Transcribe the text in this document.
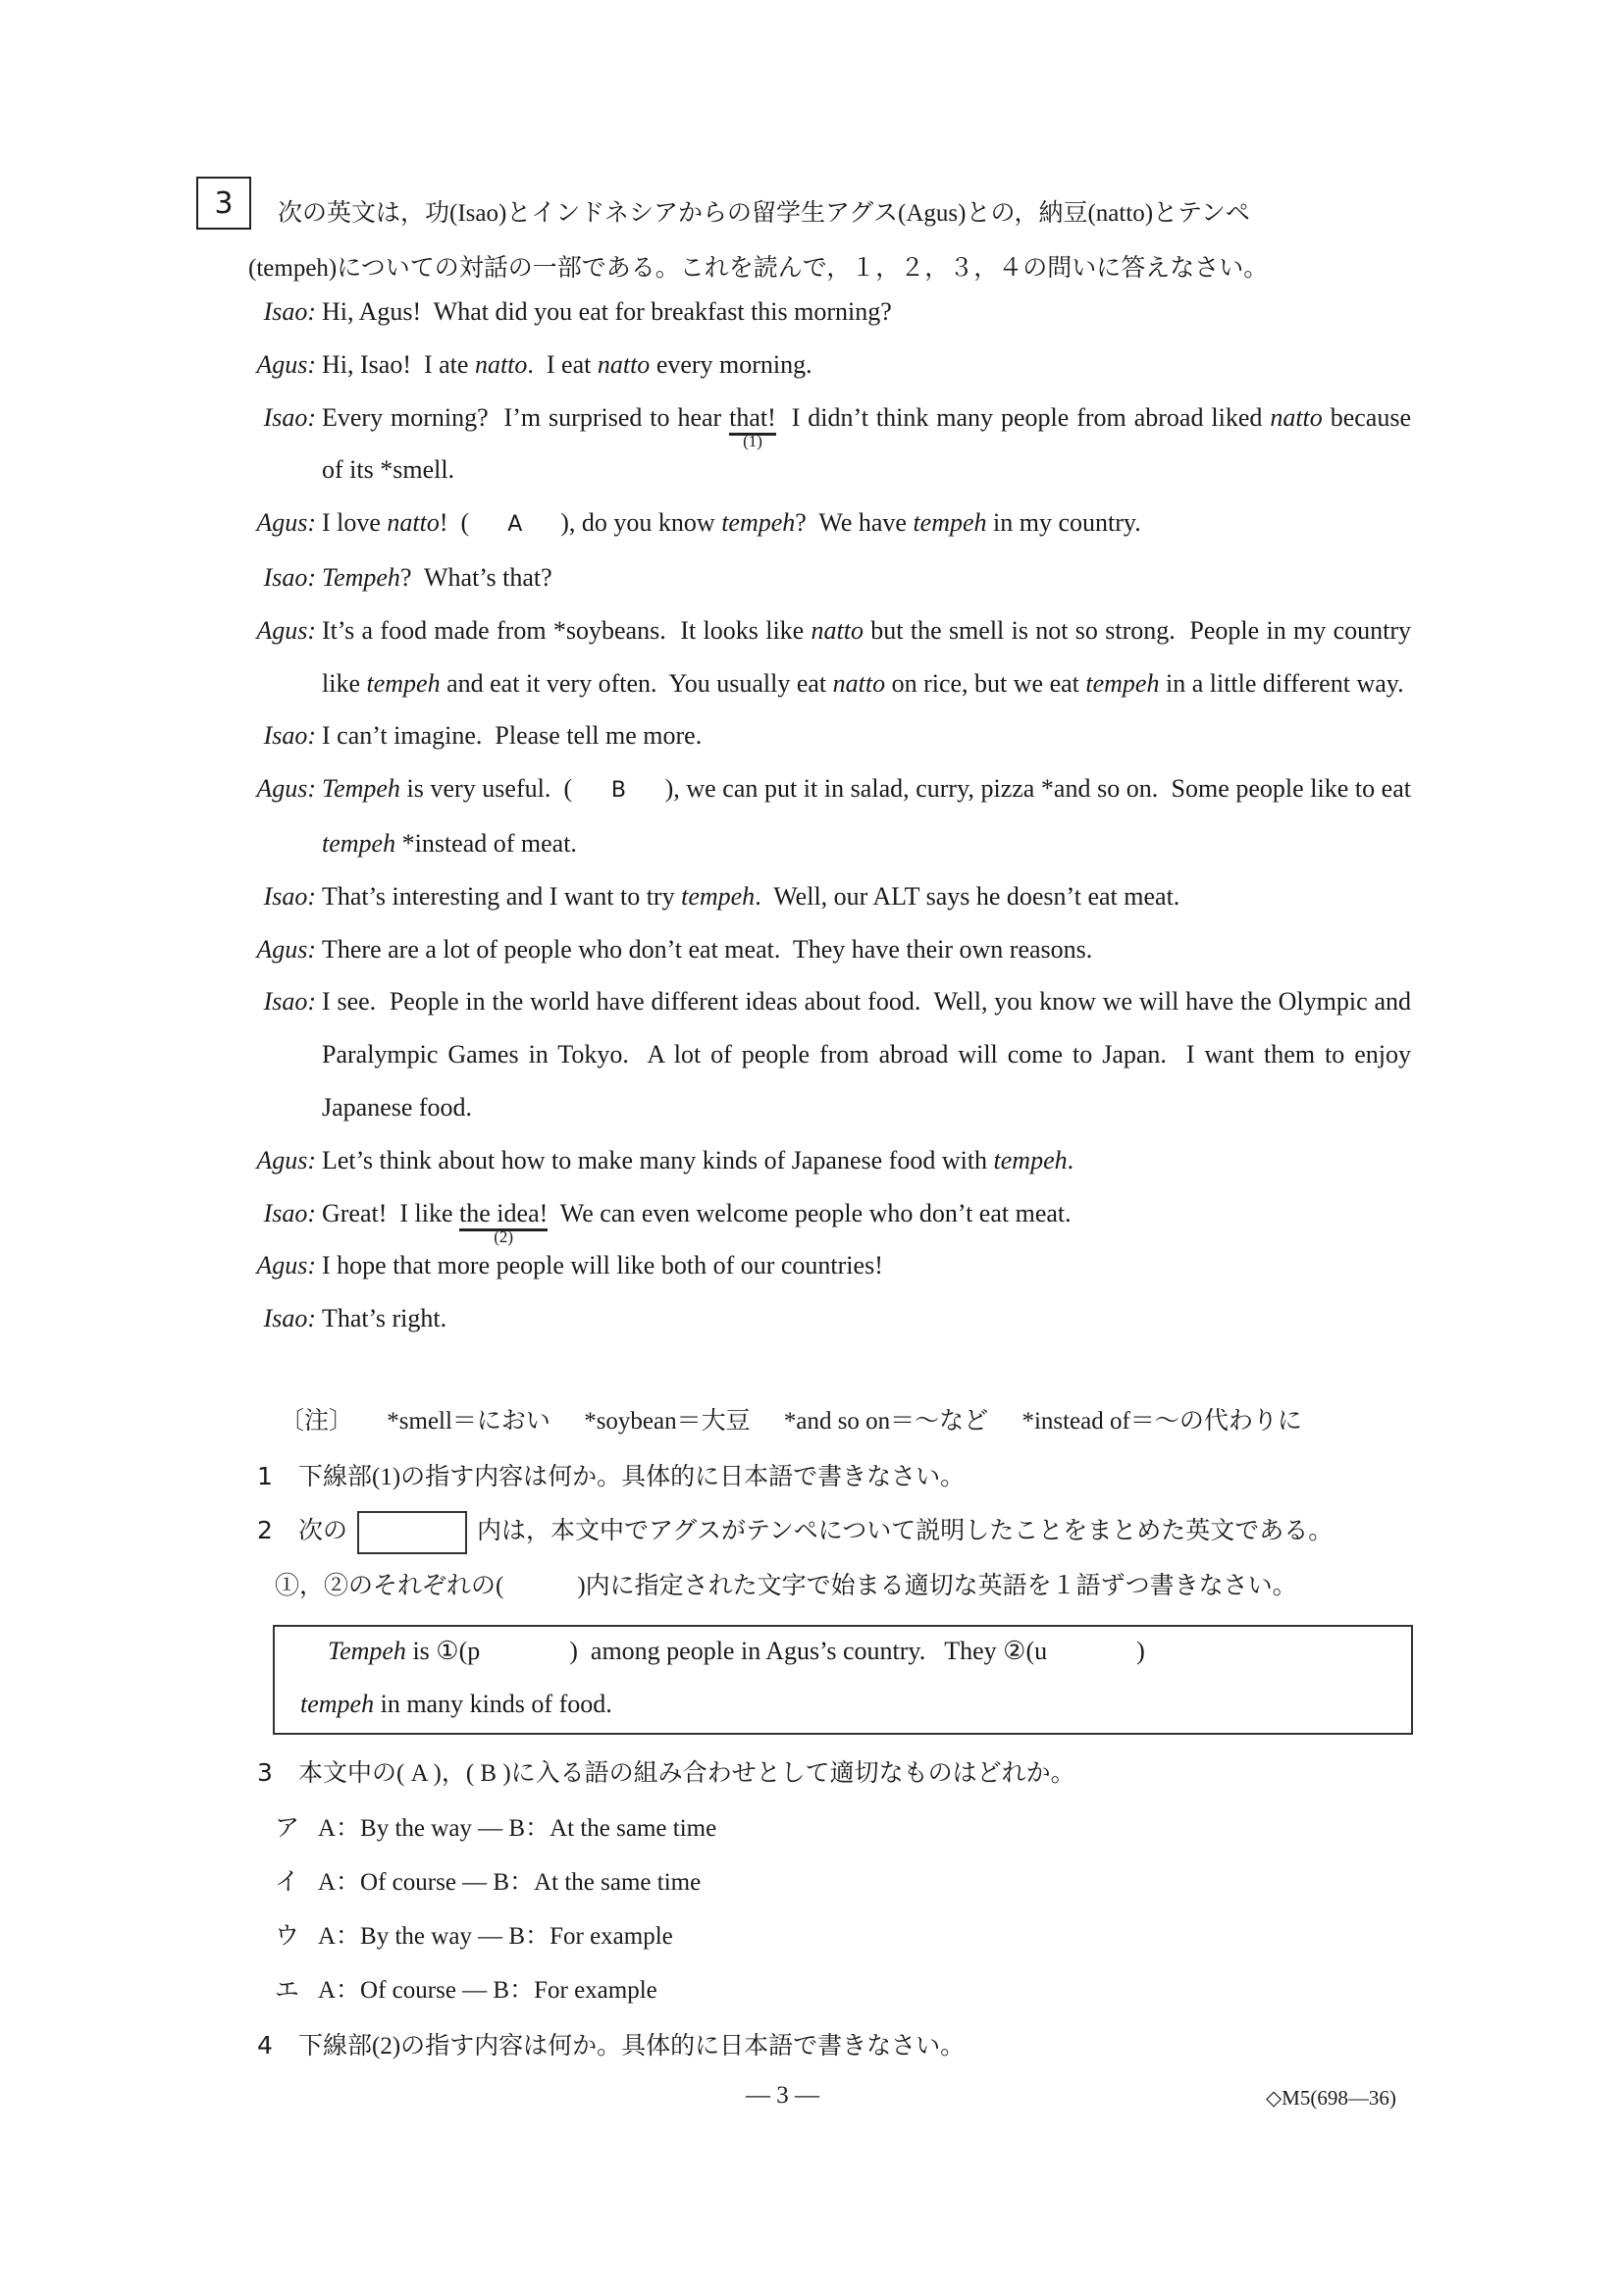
3	次の英文は，功(Isao)とインドネシアからの留学生アグス(Agus)との，納豆(natto)とテンペ
(tempeh)についての対話の一部である。これを読んで，１，２，３，４の問いに答えなさい。
Isao: Hi, Agus!  What did you eat for breakfast this morning?
Agus: Hi, Isao!  I ate natto.  I eat natto every morning.
Isao: Every morning?  I’m surprised to hear that!
(1)
I didn’t think many people from abroad liked natto because of its *smell.
Agus: I love natto!  (      A      ), do you know tempeh?  We have tempeh in my country.
Isao: Tempeh?  What’s that?
Agus: It’s a food made from *soybeans.  It looks like natto but the smell is not so strong.  People in my country like tempeh and eat it very often.  You usually eat natto on rice, but we eat tempeh in a little different way.
Isao: I can’t imagine.  Please tell me more.
Agus: Tempeh is very useful.  (      B      ), we can put it in salad, curry, pizza *and so on.  Some people like to eat tempeh *instead of meat.
Isao: That’s interesting and I want to try tempeh.  Well, our ALT says he doesn’t eat meat.
Agus: There are a lot of people who don’t eat meat.  They have their own reasons.
Isao: I see.  People in the world have different ideas about food.  Well, you know we will have the Olympic and Paralympic Games in Tokyo.  A lot of people from abroad will come to Japan.  I want them to enjoy Japanese food.
Agus: Let’s think about how to make many kinds of Japanese food with tempeh.
Isao: Great!  I like the idea!
(2)
We can even welcome people who don’t eat meat.
Agus: I hope that more people will like both of our countries!
Isao: That’s right.
〔注〕 *smell＝におい *soybean＝大豆 *and so on＝～など *instead of＝～の代わりに
1 下線部(1)の指す内容は何か。具体的に日本語で書きなさい。
2 次の	内は，本文中でアグスがテンペについて説明したことをまとめた英文である。
①，②のそれぞれの(　　　)内に指定された文字で始まる適切な英語を１語ずつ書きなさい。
Tempeh is ①(p              )  among people in Agus’s country.   They ②(u              )
tempeh in many kinds of food.
3 本文中の( A )，( B )に入る語の組み合わせとして適切なものはどれか。
ア A：By the way ― B：At the same time
イ A：Of course ― B：At the same time
ウ A：By the way ― B：For example
エ A：Of course ― B：For example
4 下線部(2)の指す内容は何か。具体的に日本語で書きなさい。
― 3 ―	◇M5(698―36)
